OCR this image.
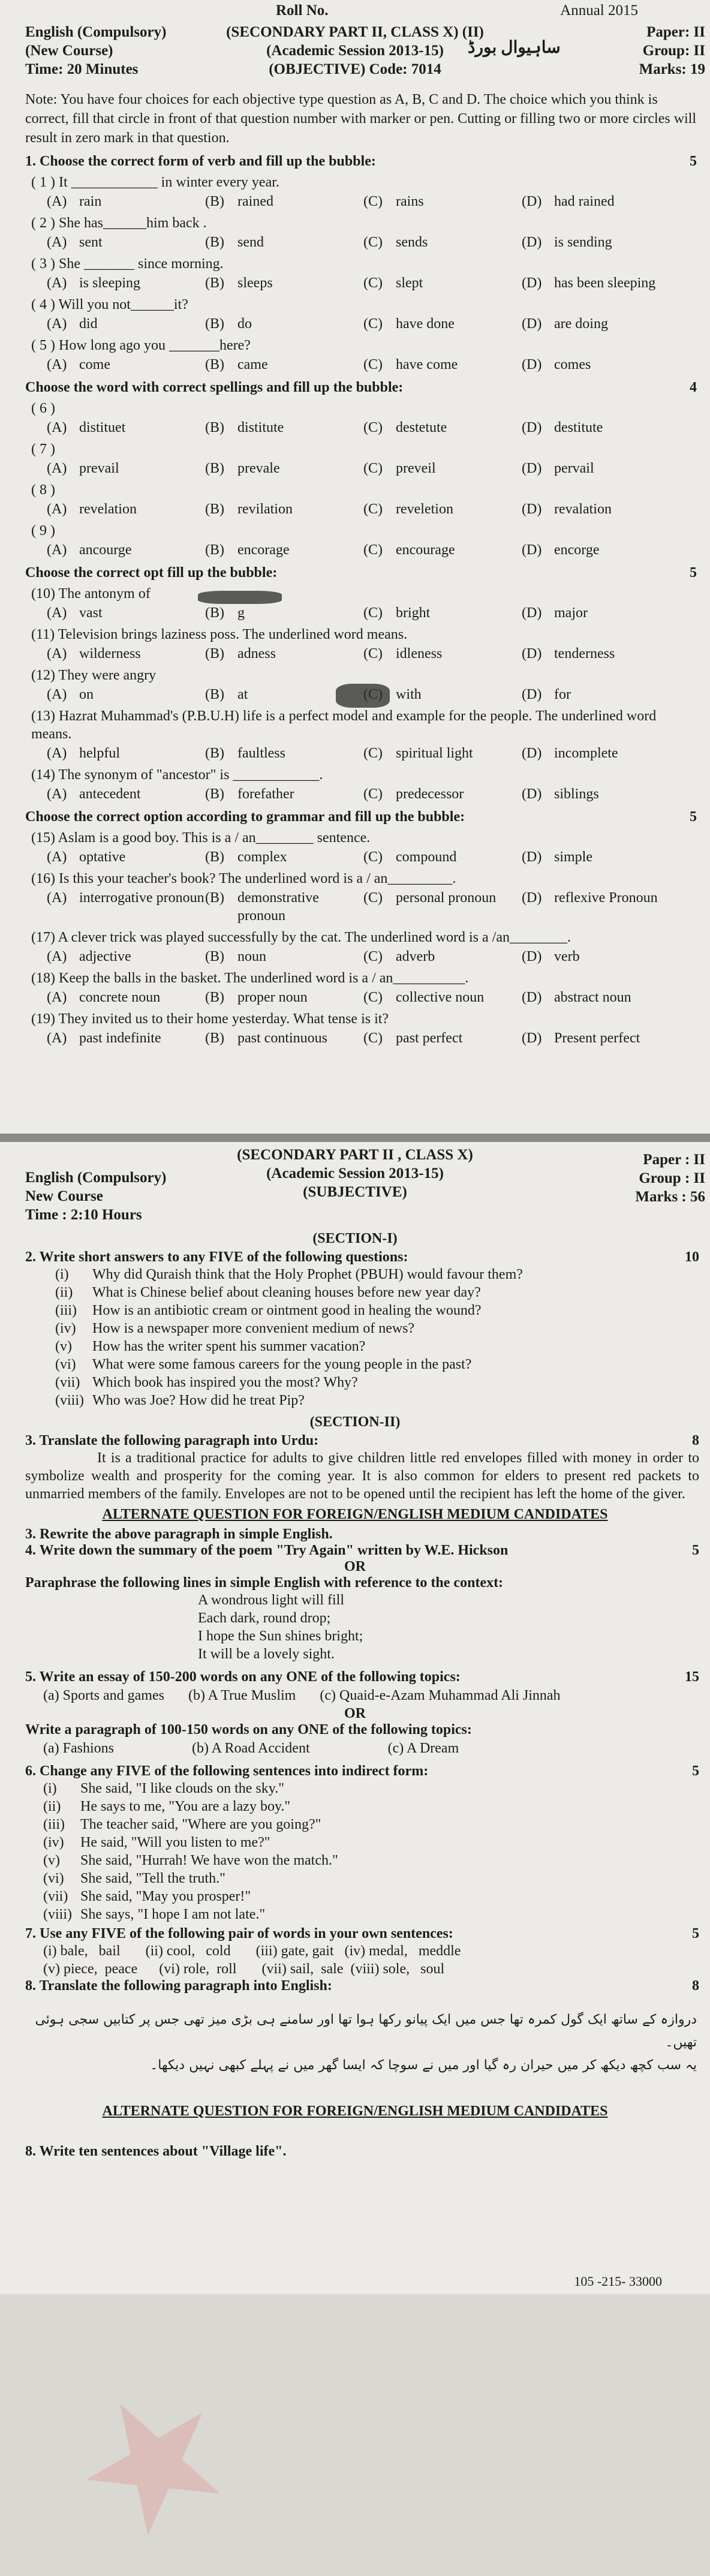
Roll No.	Annual 2015
English (Compulsory)
(New Course)
Time: 20 Minutes
(SECONDARY PART II, CLASS X) (II)
(Academic Session 2013-15)
(OBJECTIVE) Code: 7014
Paper: II
Group: II
Marks: 19
ساہیوال بورڈ
Note: You have four choices for each objective type question as A, B, C and D. The choice which you think is correct, fill that circle in front of that question number with marker or pen. Cutting or filling two or more circles will result in zero mark in that question.
1. Choose the correct form of verb and fill up the bubble:	5
( 1 ) It ____________ in winter every year.
(A) rain	(B) rained	(C) rains	(D) had rained
( 2 ) She has______him back .
(A) sent	(B) send	(C) sends	(D) is sending
( 3 ) She _______ since morning.
(A) is sleeping	(B) sleeps	(C) slept	(D) has been sleeping
( 4 ) Will you not______it?
(A) did	(B) do	(C) have done	(D) are doing
( 5 ) How long ago you _______here?
(A) come	(B) came	(C) have come	(D) comes
Choose the word with correct spellings and fill up the bubble:	4
( 6 )
(A) distituet	(B) distitute	(C) destetute	(D) destitute
( 7 )
(A) prevail	(B) prevale	(C) preveil	(D) pervail
( 8 )
(A) revelation	(B) revilation	(C) reveletion	(D) revalation
( 9 )
(A) ancourge	(B) encorage	(C) encourage	(D) encorge
Choose the correct opt fill up the bubble:	5
(10) The antonym of
(A) vast	(B) g	(C) bright	(D) major
(11) Television brings laziness poss. The underlined word means.
(A) wilderness	(B) adness	(C) idleness	(D) tenderness
(12) They were angry
(A) on	(B) at	with	(D) for
(13) Hazrat Muhammad's (P.B.U.H) life is a perfect model and example for the people. The underlined word means.
(A) helpful	(B) faultless	(C) spiritual light	(D) incomplete
(14) The synonym of "ancestor" is ____________.
(A) antecedent	(B) forefather	(C) predecessor	(D) siblings
Choose the correct option according to grammar and fill up the bubble:	5
(15) Aslam is a good boy. This is a / an________ sentence.
(A) optative	(B) complex	(C) compound	(D) simple
(16) Is this your teacher's book? The underlined word is a / an_________.
(A) interrogative pronoun (B) demonstrative pronoun
(C) personal pronoun	(D) reflexive Pronoun
(17) A clever trick was played successfully by the cat. The underlined word is a /an________.
(A) adjective	(B) noun	(C) adverb	(D) verb
(18) Keep the balls in the basket. The underlined word is a / an__________.
(A) concrete noun	(B) proper noun	(C) collective noun	(D) abstract noun
(19) They invited us to their home yesterday. What tense is it?
(A) past indefinite	(B) past continuous	(C) past perfect	(D) Present perfect
★
(SECONDARY PART II , CLASS X)
(Academic Session 2013-15)
(SUBJECTIVE)
English (Compulsory)
New Course
Time : 2:10 Hours
Paper : II
Group : II
Marks : 56
(SECTION-I)
2. Write short answers to any FIVE of the following questions:	10
(i)	Why did Quraish think that the Holy Prophet (PBUH) would favour them?
(ii)	What is Chinese belief about cleaning houses before new year day?
(iii)	How is an antibiotic cream or ointment good in healing the wound?
(iv)	How is a newspaper more convenient medium of news?
(v)	How has the writer spent his summer vacation?
(vi)	What were some famous careers for the young people in the past?
(vii) Which book has inspired you the most? Why?
(viii) Who was Joe? How did he treat Pip?
(SECTION-II)
3. Translate the following paragraph into Urdu:	8
It is a traditional practice for adults to give children little red envelopes filled with money in order to symbolize wealth and prosperity for the coming year. It is also common for elders to present red packets to unmarried members of the family. Envelopes are not to be opened until the recipient has left the home of the giver.
ALTERNATE QUESTION FOR FOREIGN/ENGLISH MEDIUM CANDIDATES
3. Rewrite the above paragraph in simple English.
4. Write down the summary of the poem "Try Again" written by W.E. Hickson	5
OR
Paraphrase the following lines in simple English with reference to the context:
A wondrous light will fill
Each dark, round drop;
I hope the Sun shines bright;
It will be a lovely sight.
5. Write an essay of 150-200 words on any ONE of the following topics:	15
(a) Sports and games (b) A True Muslim (c) Quaid-e-Azam Muhammad Ali Jinnah
OR
Write a paragraph of 100-150 words on any ONE of the following topics:
(a) Fashions	(b) A Road Accident	(c) A Dream
6. Change any FIVE of the following sentences into indirect form:	5
(i)	She said, "I like clouds on the sky."
(ii)	He says to me, "You are a lazy boy."
(iii)	The teacher said, "Where are you going?"
(iv)	He said, "Will you listen to me?"
(v)	She said, "Hurrah! We have won the match."
(vi)	She said, "Tell the truth."
(vii) She said, "May you prosper!"
(viii) She says, "I hope I am not late."
7. Use any FIVE of the following pair of words in your own sentences:	5
(i) bale,   bail       (ii) cool,   cold       (iii) gate, gait   (iv) medal,   meddle
(v) piece,  peace      (vi) role,  roll       (vii) sail,  sale  (viii) sole,   soul
8. Translate the following paragraph into English:	8
دروازہ کے ساتھ ایک گول کمرہ تھا جس میں ایک پیانو رکھا ہوا تھا اور سامنے ہی بڑی میز تھی جس پر کتابیں سجی ہوئی تھیں۔
یہ سب کچھ دیکھ کر میں حیران رہ گیا اور میں نے سوچا کہ ایسا گھر میں نے پہلے کبھی نہیں دیکھا۔
ALTERNATE QUESTION FOR FOREIGN/ENGLISH MEDIUM CANDIDATES
8. Write ten sentences about "Village life".
105 -215- 33000
